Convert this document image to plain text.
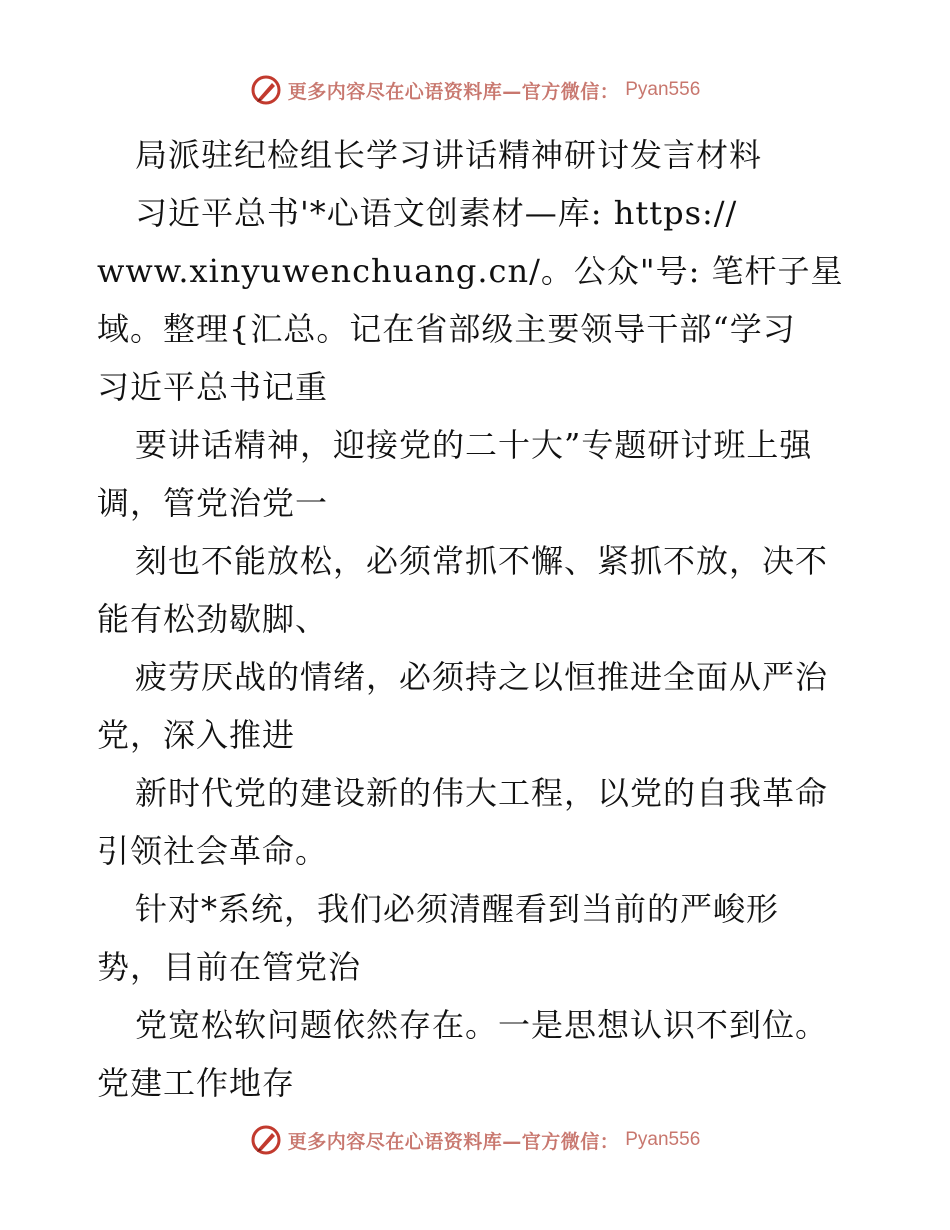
更多内容尽在心语资料库—官方微信： Pyan556
局派驻纪检组长学习讲话精神研讨发言材料
习近平总书'*心语文创素材—库: https://
www.xinyuwenchuang.cn/。公众"号: 笔杆子星
域。整理{汇总。记在省部级主要领导干部“学习
习近平总书记重
要讲话精神，迎接党的二十大”专题研讨班上强
调，管党治党一
刻也不能放松，必须常抓不懈、紧抓不放，决不
能有松劲歇脚、
疲劳厌战的情绪，必须持之以恒推进全面从严治
党，深入推进
新时代党的建设新的伟大工程，以党的自我革命
引领社会革命。
针对*系统，我们必须清醒看到当前的严峻形
势，目前在管党治
党宽松软问题依然存在。一是思想认识不到位。
党建工作地存
更多内容尽在心语资料库—官方微信： Pyan556
